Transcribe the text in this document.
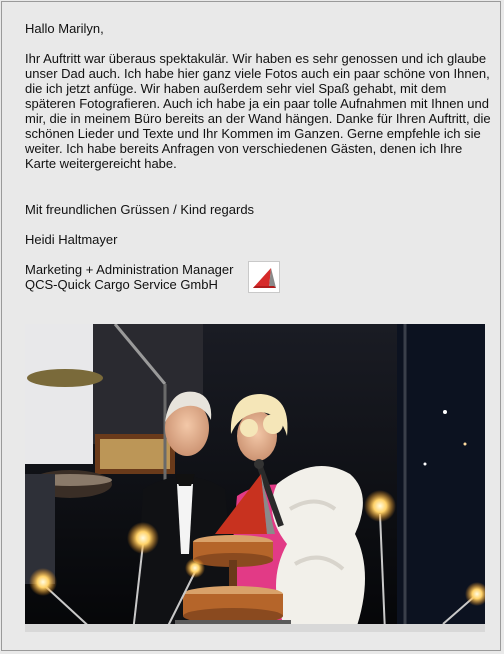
Hallo Marilyn,
Ihr Auftritt war überaus spektakulär. Wir haben es sehr genossen und ich glaube unser Dad auch. Ich habe hier ganz viele Fotos auch ein paar schöne von Ihnen, die ich jetzt anfüge. Wir haben außerdem sehr viel Spaß gehabt, mit dem späteren Fotografieren. Auch ich habe ja ein paar tolle Aufnahmen mit Ihnen und mir, die in meinem Büro bereits an der Wand hängen. Danke für Ihren Auftritt, die schönen Lieder und Texte und Ihr Kommen im Ganzen. Gerne empfehle ich sie weiter. Ich habe bereits Anfragen von verschiedenen Gästen, denen ich Ihre Karte weitergereicht habe.
Mit freundlichen Grüssen / Kind regards
Heidi Haltmayer
Marketing + Administration Manager
QCS-Quick Cargo Service GmbH
